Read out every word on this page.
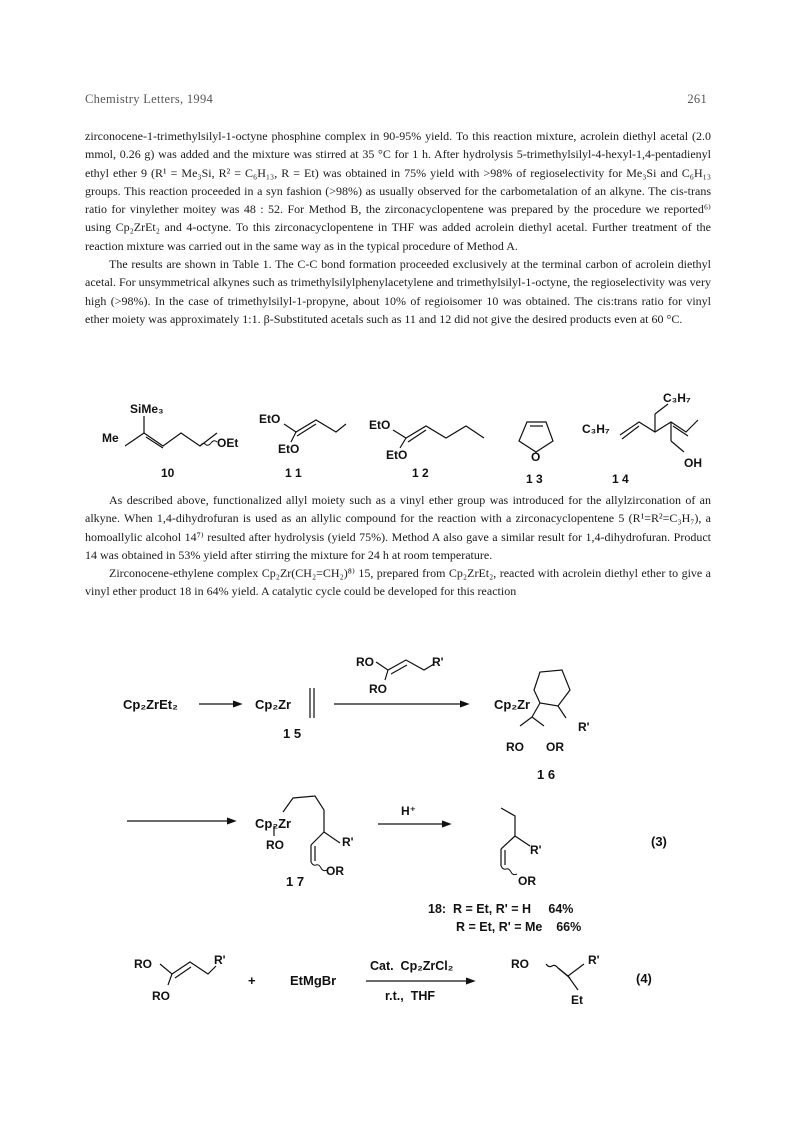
Chemistry Letters, 1994	261

zirconocene-1-trimethylsilyl-1-octyne phosphine complex in 90-95% yield. To this reaction mixture, acrolein diethyl acetal (2.0 mmol, 0.26 g) was added and the mixture was stirred at 35 °C for 1 h. After hydrolysis 5-trimethylsilyl-4-hexyl-1,4-pentadienyl ethyl ether 9 (R¹ = Me₃Si, R² = C₆H₁₃, R = Et) was obtained in 75% yield with >98% of regioselectivity for Me₃Si and C₆H₁₃ groups. This reaction proceeded in a syn fashion (>98%) as usually observed for the carbometalation of an alkyne. The cis-trans ratio for vinylether moitey was 48 : 52. For Method B, the zirconacyclopentene was prepared by the procedure we reported⁶⁾ using Cp₂ZrEt₂ and 4-octyne. To this zirconacyclopentene in THF was added acrolein diethyl acetal. Further treatment of the reaction mixture was carried out in the same way as in the typical procedure of Method A.

The results are shown in Table 1. The C-C bond formation proceeded exclusively at the terminal carbon of acrolein diethyl acetal. For unsymmetrical alkynes such as trimethylsilylphenylacetylene and trimethylsilyl-1-octyne, the regioselectivity was very high (>98%). In the case of trimethylsilyl-1-propyne, about 10% of regioisomer 10 was obtained. The cis:trans ratio for vinyl ether moiety was approximately 1:1. β-Substituted acetals such as 11 and 12 did not give the desired products even at 60 °C.

As described above, functionalized allyl moiety such as a vinyl ether group was introduced for the allylzirconation of an alkyne. When 1,4-dihydrofuran is used as an allylic compound for the reaction with a zirconacyclopentene 5 (R¹=R²=C₃H₇), a homoallylic alcohol 14⁷⁾ resulted after hydrolysis (yield 75%). Method A also gave a similar result for 1,4-dihydrofuran. Product 14 was obtained in 53% yield after stirring the mixture for 24 h at room temperature.

Zirconocene-ethylene complex Cp₂Zr(CH₂=CH₂)⁸⁾ 15, prepared from Cp₂ZrEt₂, reacted with acrolein diethyl ether to give a vinyl ether product 18 in 64% yield. A catalytic cycle could be developed for this reaction

SiMe₃
Me	OEt
10
EtO
EtO
1 1
EtO
EtO
1 2
O
1 3
C₃H₇
C₃H₇
OH
1 4
Cp₂ZrEt₂	Cp₂Zr
1 5
RO
RO
R'
Cp₂Zr
R'
RO OR
1 6
Cp₂Zr
RO	R'
OR
1 7
H⁺
R'
OR
(3)
18:  R = Et, R' = H     64%
R = Et, R' = Me    66%
RO
RO
R'
+	EtMgBr
Cat.  Cp₂ZrCl₂
r.t.,  THF
RO	R'
Et
(4)
